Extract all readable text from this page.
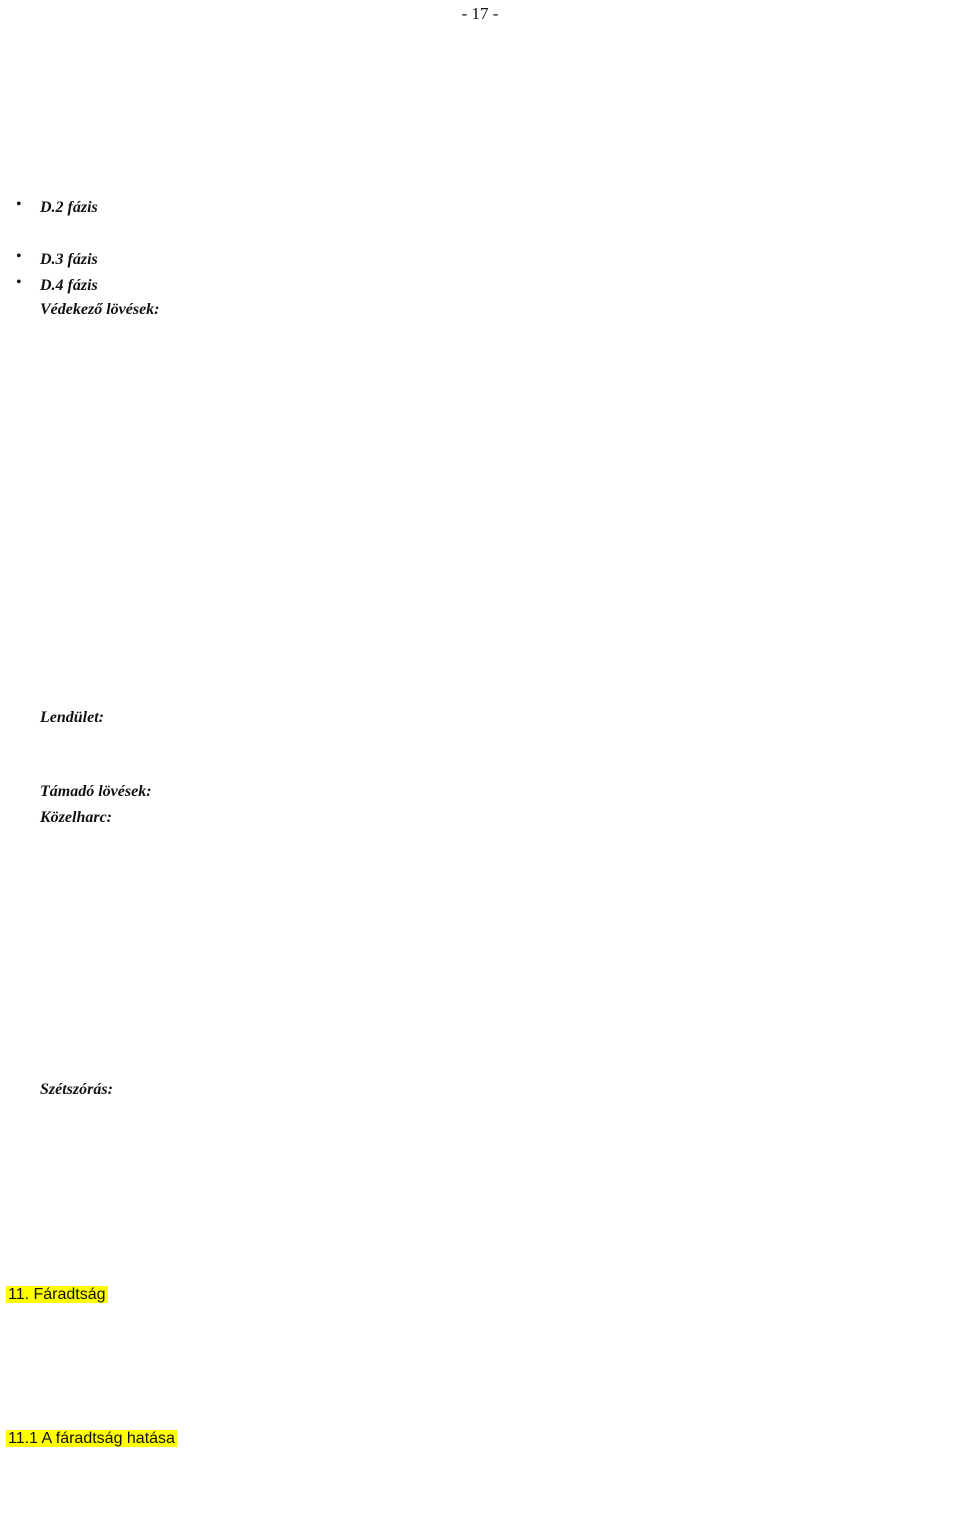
- 17 -
• D.2 fázis
• D.3 fázis
• D.4 fázis
Védekező lövések:
Támadó lövések:
Közelharc:
Lendület:
Szétszórás:
11. Fáradtság
11.1 A fáradtság hatása
